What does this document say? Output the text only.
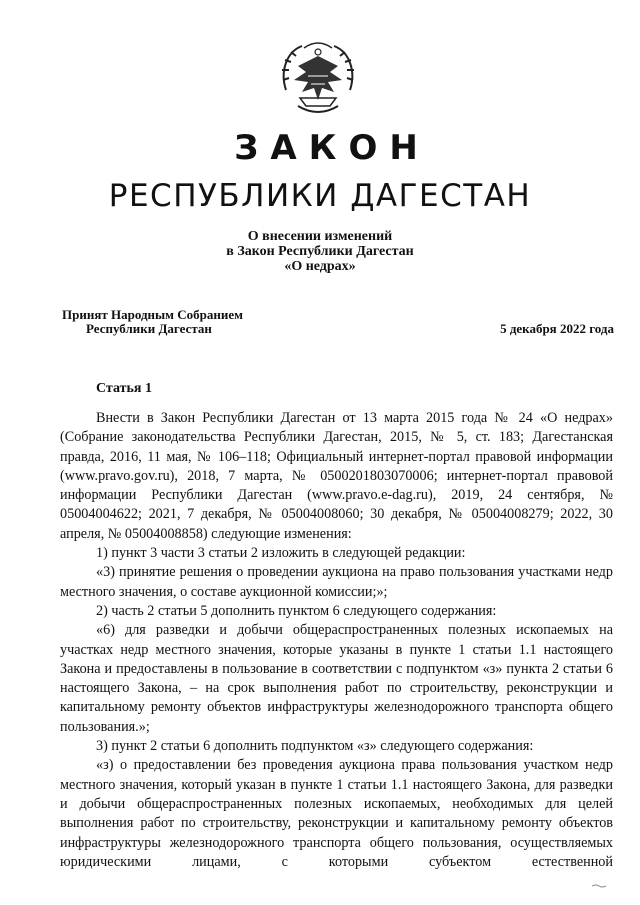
ЗАКОН
РЕСПУБЛИКИ ДАГЕСТАН
О внесении изменений
в Закон Республики Дагестан
«О недрах»
Принят Народным Собранием
Республики Дагестан	5 декабря 2022 года
Статья 1

Внести в Закон Республики Дагестан от 13 марта 2015 года № 24 «О недрах» (Собрание законодательства Республики Дагестан, 2015, № 5, ст. 183; Дагестанская правда, 2016, 11 мая, № 106–118; Официальный интернет-портал правовой информации (www.pravo.gov.ru), 2018, 7 марта, № 0500201803070006; интернет-портал правовой информации Республики Дагестан (www.pravo.e-dag.ru), 2019, 24 сентября, № 05004004622; 2021, 7 декабря, № 05004008060; 30 декабря, № 05004008279; 2022, 30 апреля, № 05004008858) следующие изменения:

1) пункт 3 части 3 статьи 2 изложить в следующей редакции:

«3) принятие решения о проведении аукциона на право пользования участками недр местного значения, о составе аукционной комиссии;»;

2) часть 2 статьи 5 дополнить пунктом 6 следующего содержания:

«6) для разведки и добычи общераспространенных полезных ископаемых на участках недр местного значения, которые указаны в пункте 1 статьи 1.1 настоящего Закона и предоставлены в пользование в соответствии с подпунктом «з» пункта 2 статьи 6 настоящего Закона, – на срок выполнения работ по строительству, реконструкции и капитальному ремонту объектов инфраструктуры железнодорожного транспорта общего пользования.»;

3) пункт 2 статьи 6 дополнить подпунктом «з» следующего содержания:

«з) о предоставлении без проведения аукциона права пользования участком недр местного значения, который указан в пункте 1 статьи 1.1 настоящего Закона, для разведки и добычи общераспространенных полезных ископаемых, необходимых для целей выполнения работ по строительству, реконструкции и капитальному ремонту объектов инфраструктуры железнодорожного транспорта общего пользования, осуществляемых юридическими лицами, с которыми субъектом естественной
